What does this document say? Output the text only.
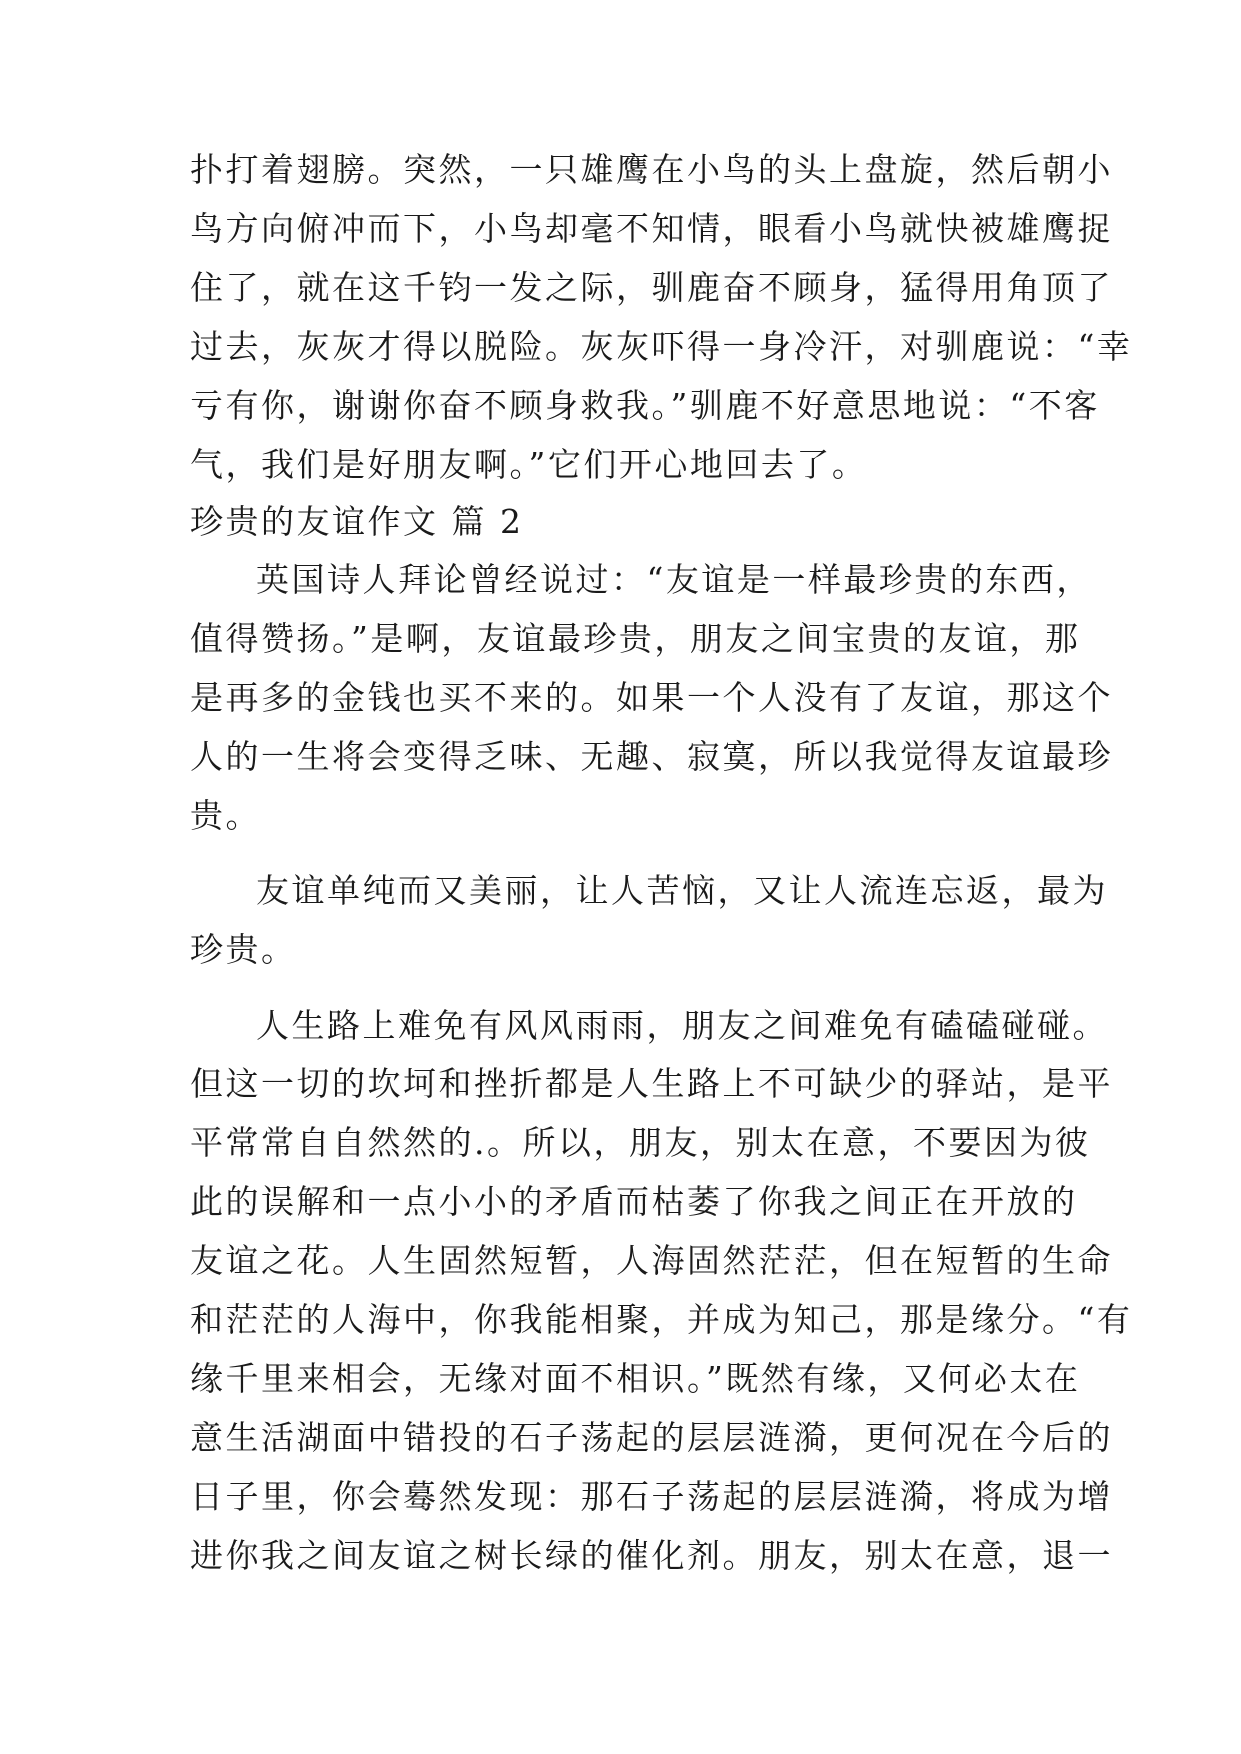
扑打着翅膀。突然，一只雄鹰在小鸟的头上盘旋，然后朝小
鸟方向俯冲而下，小鸟却毫不知情，眼看小鸟就快被雄鹰捉
住了，就在这千钧一发之际，驯鹿奋不顾身，猛得用角顶了
过去，灰灰才得以脱险。灰灰吓得一身冷汗，对驯鹿说：“幸
亏有你，谢谢你奋不顾身救我。”驯鹿不好意思地说：“不客
气，我们是好朋友啊。”它们开心地回去了。
珍贵的友谊作文 篇 2
英国诗人拜论曾经说过：“友谊是一样最珍贵的东西，
值得赞扬。”是啊，友谊最珍贵，朋友之间宝贵的友谊，那
是再多的金钱也买不来的。如果一个人没有了友谊，那这个
人的一生将会变得乏味、无趣、寂寞，所以我觉得友谊最珍
贵。
友谊单纯而又美丽，让人苦恼，又让人流连忘返，最为
珍贵。
人生路上难免有风风雨雨，朋友之间难免有磕磕碰碰。
但这一切的坎坷和挫折都是人生路上不可缺少的驿站，是平
平常常自自然然的.。所以，朋友，别太在意，不要因为彼
此的误解和一点小小的矛盾而枯萎了你我之间正在开放的
友谊之花。人生固然短暂，人海固然茫茫，但在短暂的生命
和茫茫的人海中，你我能相聚，并成为知己，那是缘分。“有
缘千里来相会，无缘对面不相识。”既然有缘，又何必太在
意生活湖面中错投的石子荡起的层层涟漪，更何况在今后的
日子里，你会蓦然发现：那石子荡起的层层涟漪，将成为增
进你我之间友谊之树长绿的催化剂。朋友，别太在意，退一
